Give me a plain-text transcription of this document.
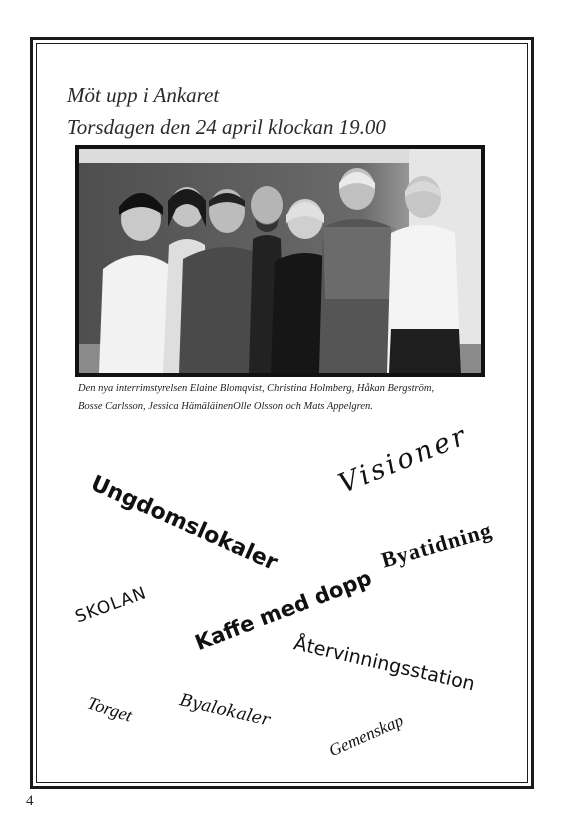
Möt upp i Ankaret
Torsdagen den 24 april klockan 19.00

Den nya interrimstyrelsen Elaine Blomqvist, Christina Holmberg, Håkan Bergström,
Bosse Carlsson, Jessica HämäläinenOlle Olsson och Mats Appelgren.

Ungdomslokaler
Visioner
Byatidning
SKOLAN Kaffe med dopp
Återvinningsstation
Torget	Byalokaler
Gemenskap
4
